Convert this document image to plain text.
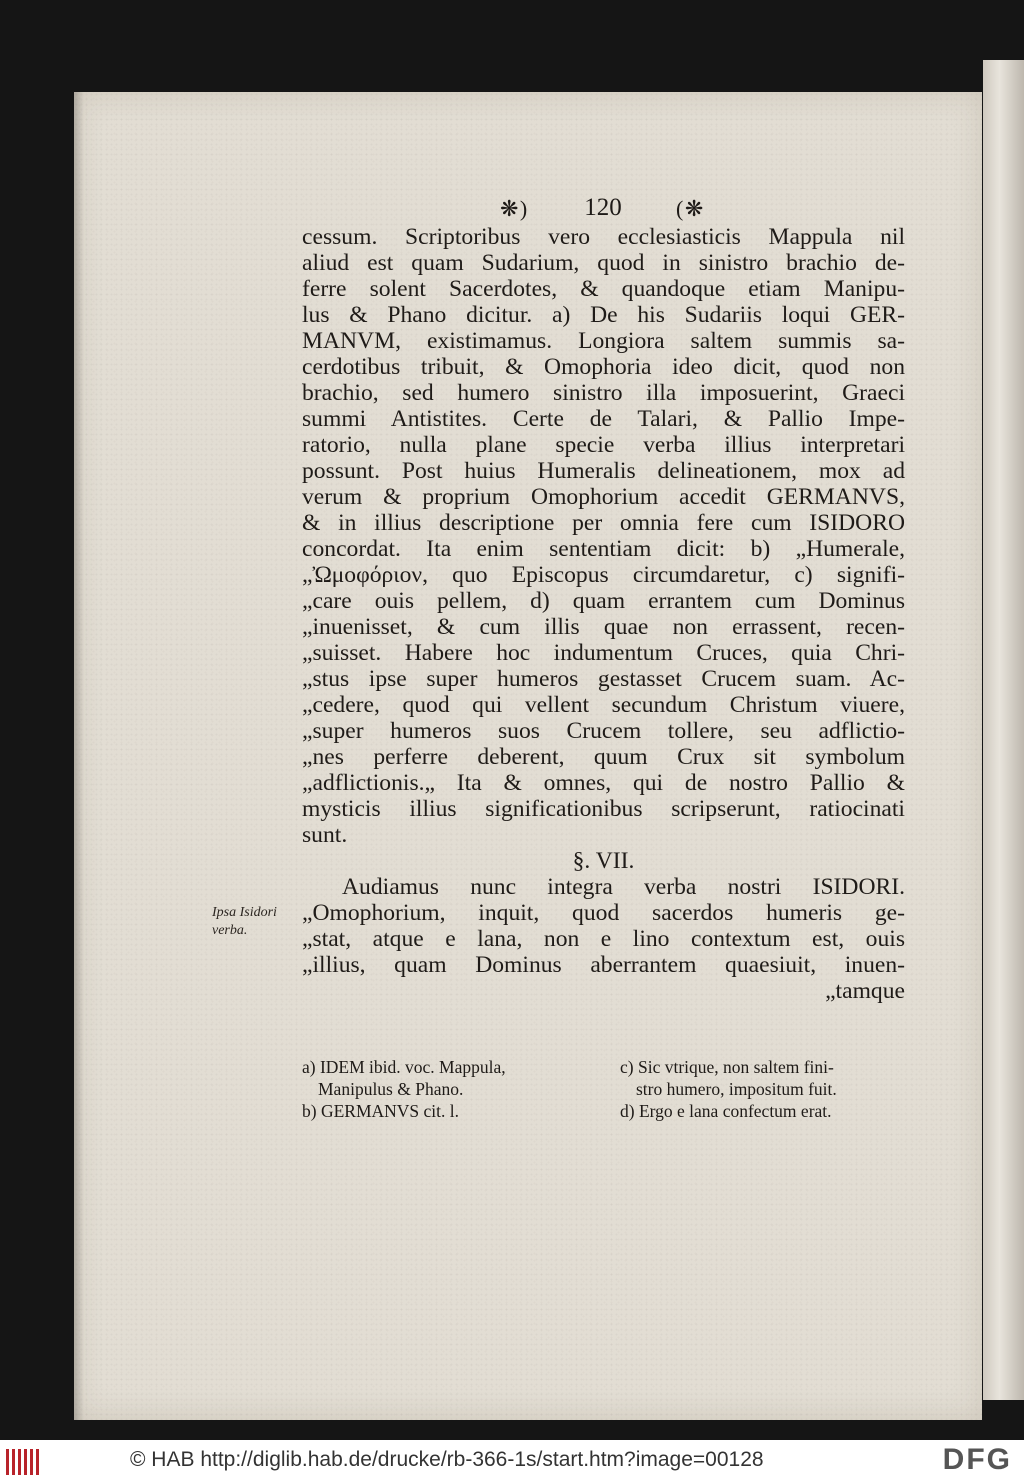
❋ )	120	( ❋
cessum. Scriptoribus vero ecclesiasticis Mappula nil
aliud est quam Sudarium, quod in sinistro brachio de-
ferre solent Sacerdotes, & quandoque etiam Manipu-
lus & Phano dicitur. a) De his Sudariis loqui GER-
MANVM, existimamus. Longiora saltem summis sa-
cerdotibus tribuit, & Omophoria ideo dicit, quod non
brachio, sed humero sinistro illa imposuerint, Graeci
summi Antistites. Certe de Talari, & Pallio Impe-
ratorio, nulla plane specie verba illius interpretari
possunt. Post huius Humeralis delineationem, mox ad
verum & proprium Omophorium accedit GERMANVS,
& in illius descriptione per omnia fere cum ISIDORO
concordat. Ita enim sententiam dicit: b) „Humerale,
„Ὠμοφόριον, quo Episcopus circumdaretur, c) signifi-
„care ouis pellem, d) quam errantem cum Dominus
„inuenisset, & cum illis quae non errassent, recen-
„suisset. Habere hoc indumentum Cruces, quia Chri-
„stus ipse super humeros gestasset Crucem suam. Ac-
„cedere, quod qui vellent secundum Christum viuere,
„super humeros suos Crucem tollere, seu adflictio-
„nes perferre deberent, quum Crux sit symbolum
„adflictionis.„ Ita & omnes, qui de nostro Pallio &
mysticis illius significationibus scripserunt, ratiocinati
sunt.
§. VII.
Audiamus nunc integra verba nostri ISIDORI.
„Omophorium, inquit, quod sacerdos humeris ge-
„stat, atque e lana, non e lino contextum est, ouis
„illius, quam Dominus aberrantem quaesiuit, inuen-
„tamque
Ipsa Isidori verba.
a) IDEM ibid. voc. Mappula,
Manipulus & Phano.
b) GERMANVS cit. l.
c) Sic vtrique, non saltem fini-
stro humero, impositum fuit.
d) Ergo e lana confectum erat.
© HAB http://diglib.hab.de/drucke/rb-366-1s/start.htm?image=00128	DFG
